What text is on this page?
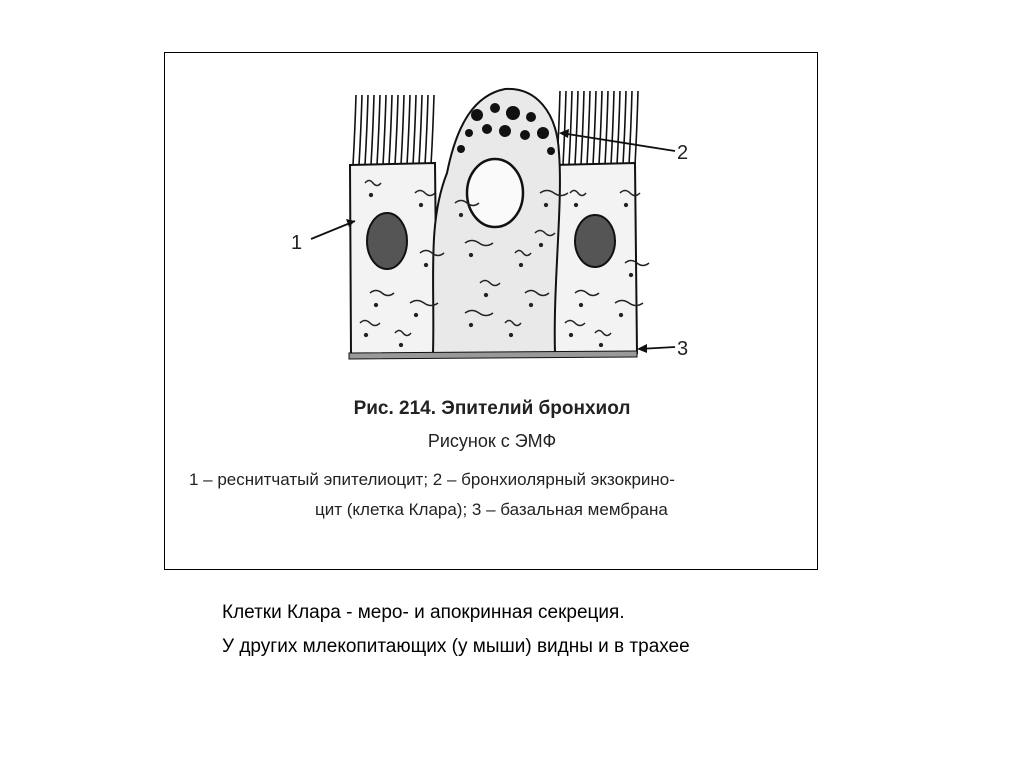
1
2
3
Рис. 214. Эпителий бронхиол
Рисунок с ЭМФ
1 – реснитчатый эпителиоцит; 2 – бронхиолярный экзокрино-
цит (клетка Клара); 3 – базальная мембрана
Клетки Клара - меро- и апокринная секреция.
У других млекопитающих (у мыши) видны и в трахее
